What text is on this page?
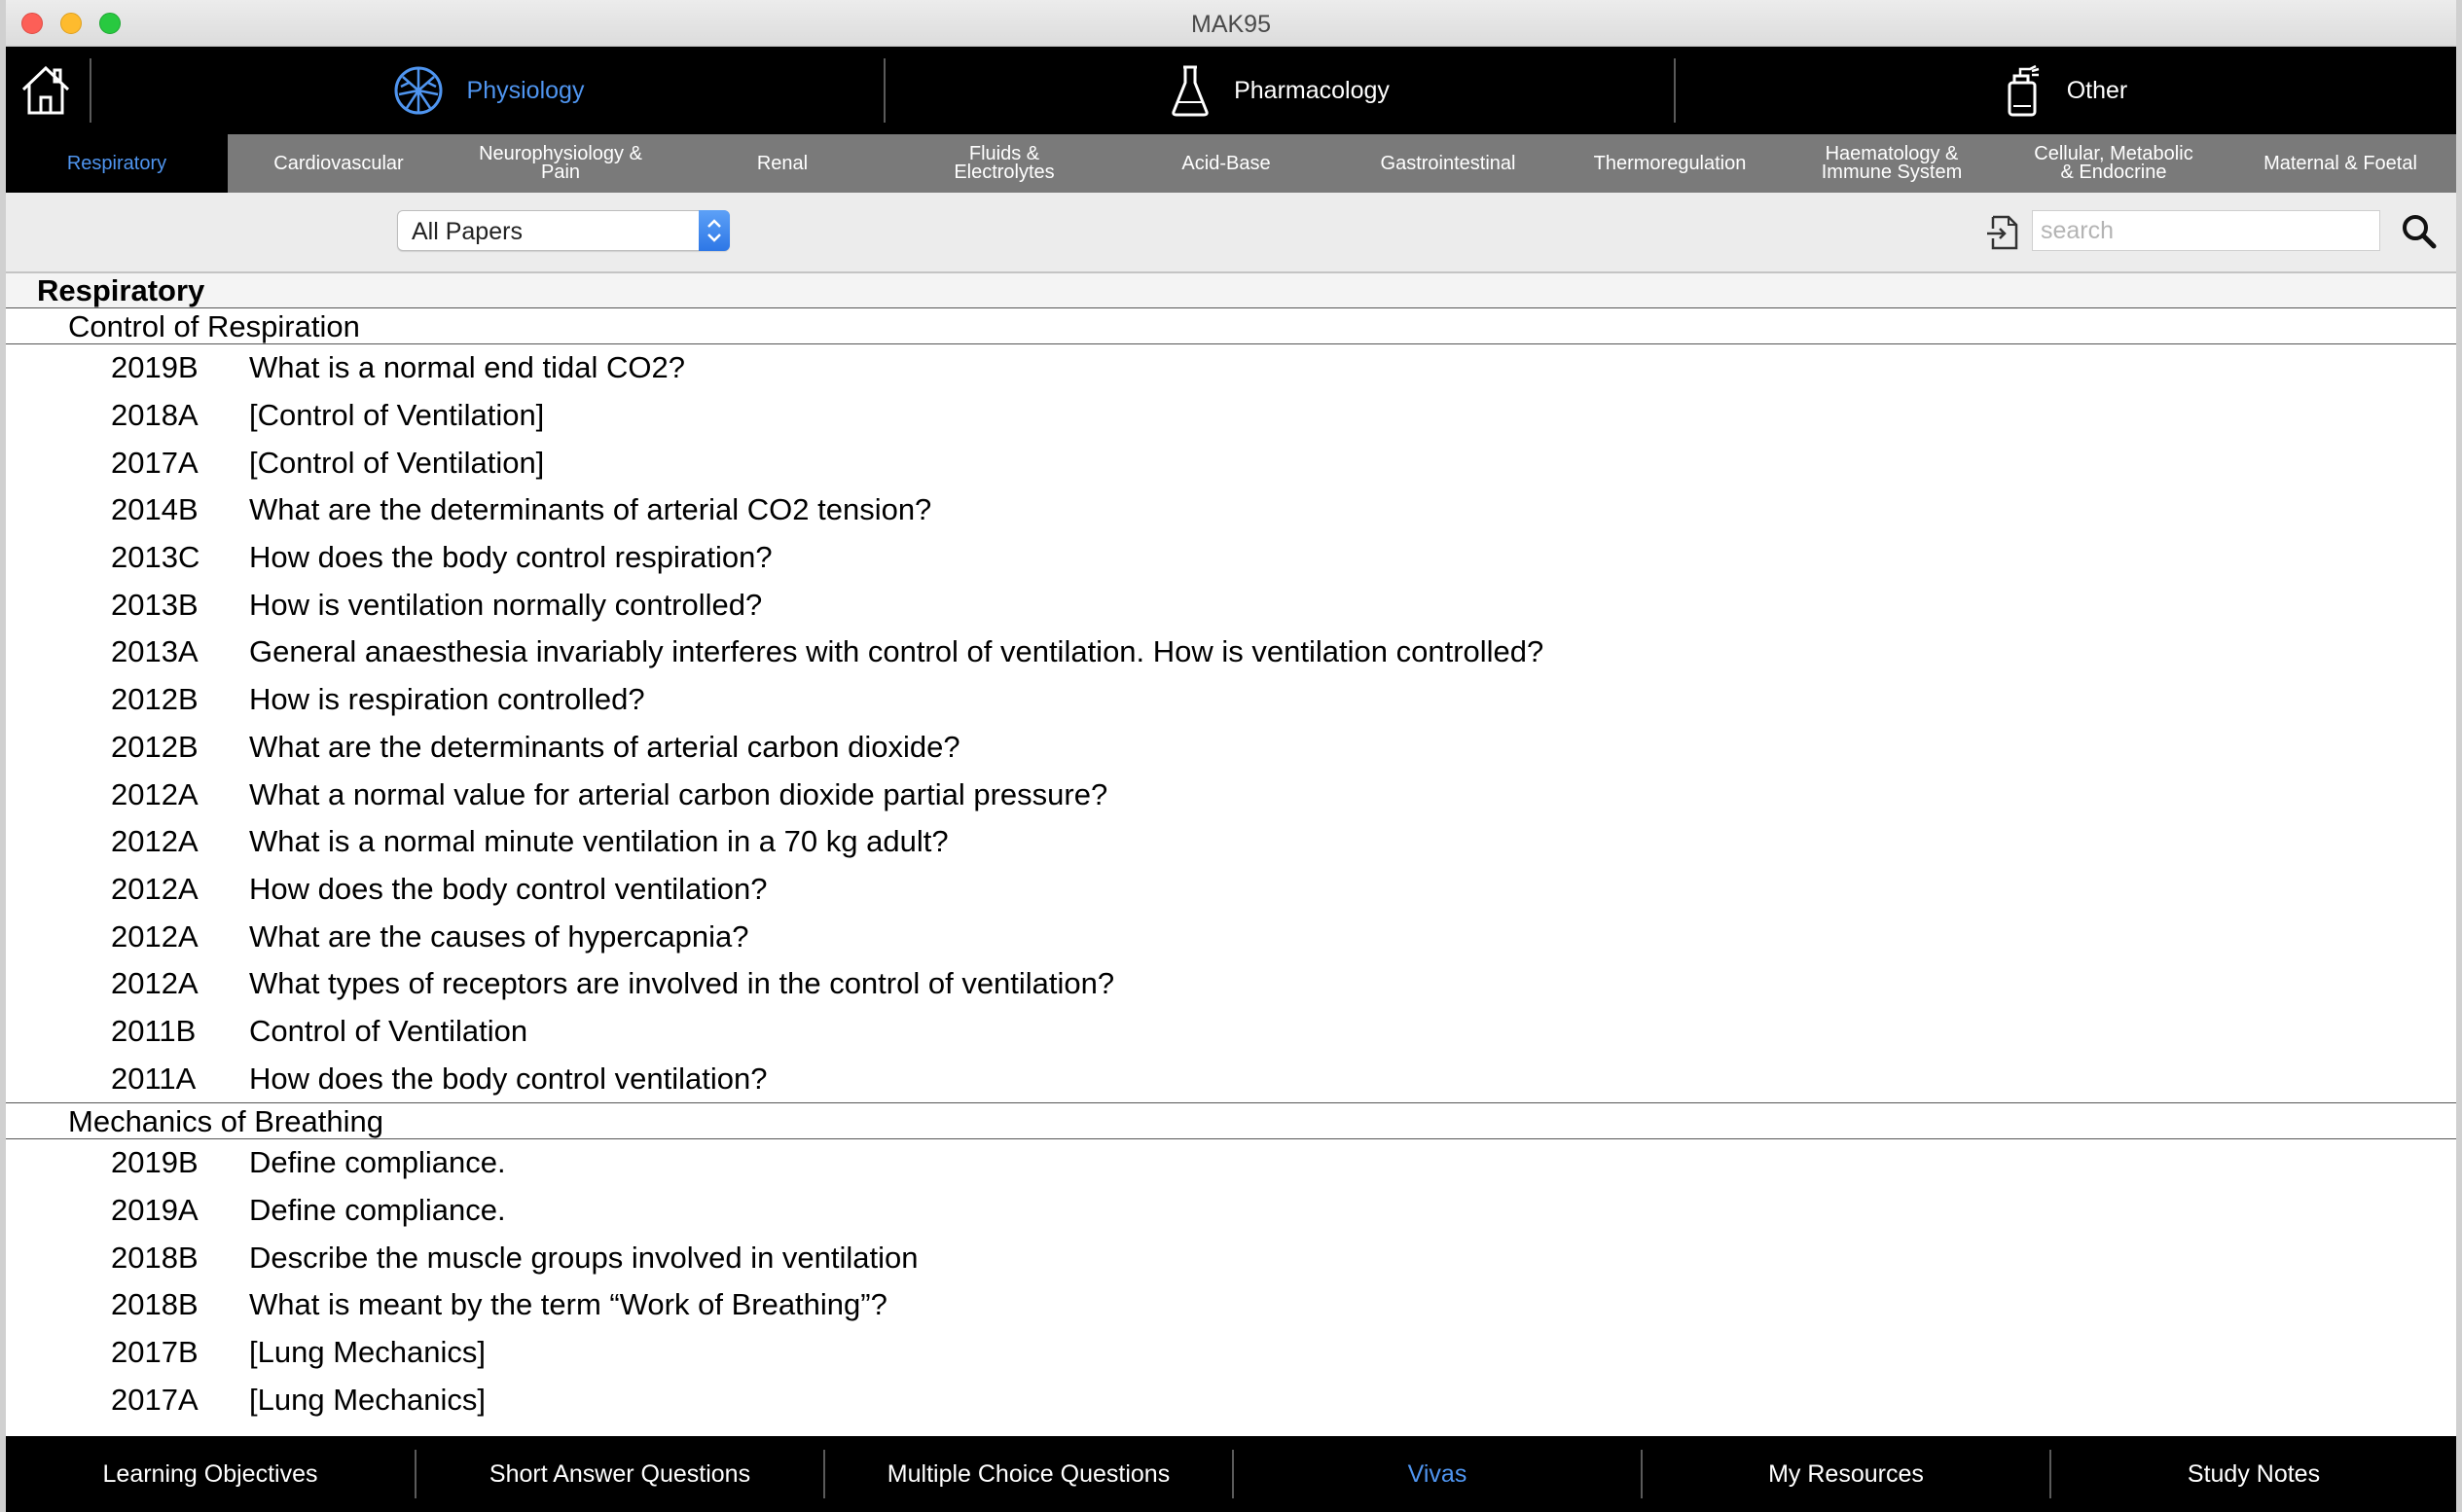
MAK95
Physiology	Pharmacology	Other
Respiratory	Cardiovascular	Neurophysiology &
Pain	Renal	Fluids &
Electrolytes	Acid-Base	Gastrointestinal	Thermoregulation	Haematology &
Immune System
Cellular, Metabolic
& Endocrine	Maternal & Foetal
All Papers
search
Respiratory
Control of Respiration
2019B	What is a normal end tidal CO2?
2018A	[Control of Ventilation]
2017A	[Control of Ventilation]
2014B	What are the determinants of arterial CO2 tension?
2013C	How does the body control respiration?
2013B	How is ventilation normally controlled?
2013A	General anaesthesia invariably interferes with control of ventilation. How is ventilation controlled?
2012B	How is respiration controlled?
2012B	What are the determinants of arterial carbon dioxide?
2012A	What a normal value for arterial carbon dioxide partial pressure?
2012A	What is a normal minute ventilation in a 70 kg adult?
2012A	How does the body control ventilation?
2012A	What are the causes of hypercapnia?
2012A	What types of receptors are involved in the control of ventilation?
2011B	Control of Ventilation
2011A	How does the body control ventilation?
Mechanics of Breathing
2019B	Define compliance.
2019A	Define compliance.
2018B	Describe the muscle groups involved in ventilation
2018B	What is meant by the term “Work of Breathing”?
2017B	[Lung Mechanics]
2017A	[Lung Mechanics]
Learning Objectives	Short Answer Questions	Multiple Choice Questions	Vivas	My Resources	Study Notes
